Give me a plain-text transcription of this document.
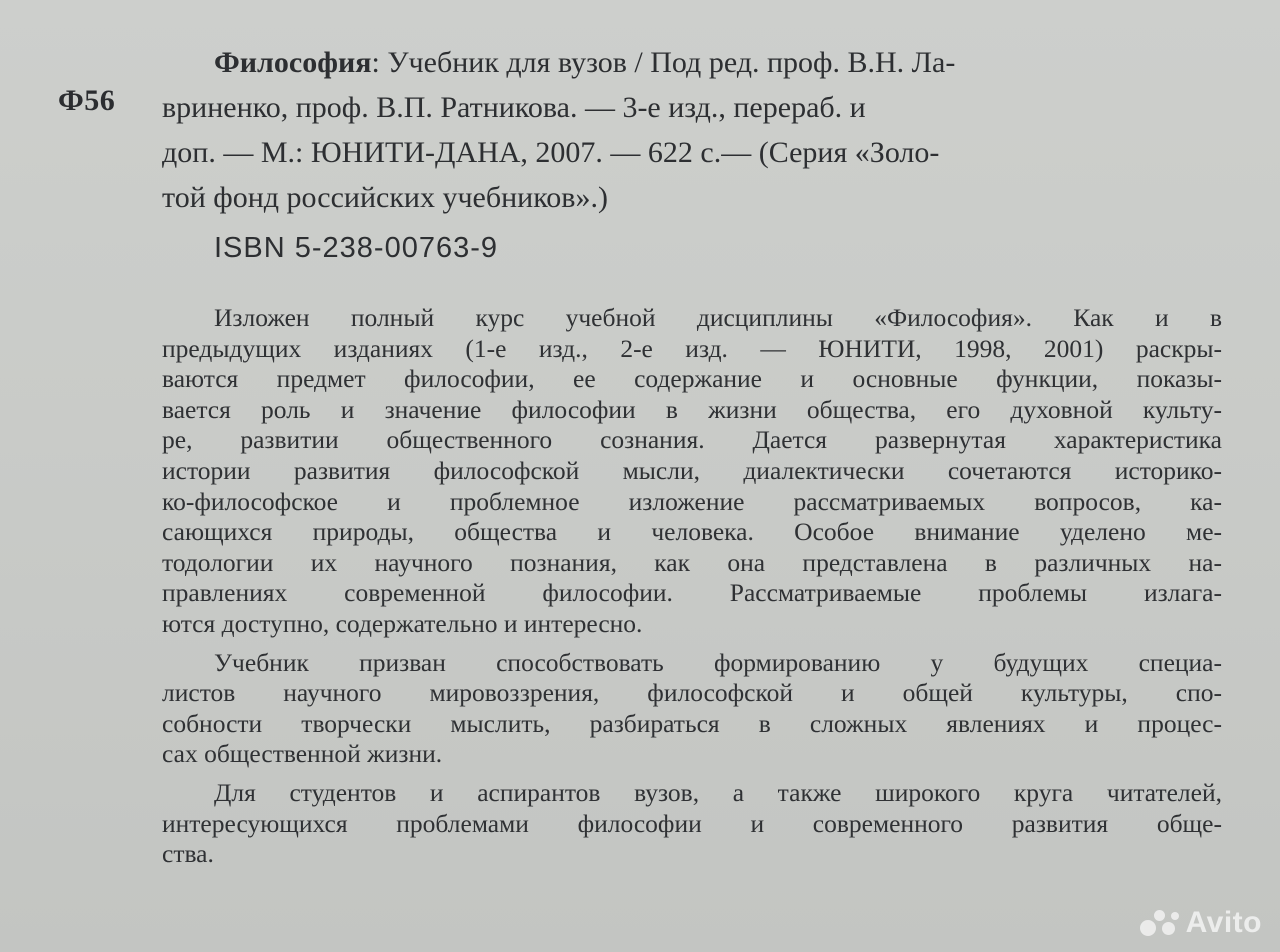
Ф56
Философия: Учебник для вузов / Под ред. проф. В.Н. Ла-
вриненко, проф. В.П. Ратникова. — 3-е изд., перераб. и
доп. — М.: ЮНИТИ-ДАНА, 2007. — 622 с.— (Серия «Золо-
той фонд российских учебников».)
ISBN 5-238-00763-9
Изложен полный курс учебной дисциплины «Философия». Как и в
предыдущих изданиях (1-е изд., 2-е изд. — ЮНИТИ, 1998, 2001) раскры-
ваются предмет философии, ее содержание и основные функции, показы-
вается роль и значение философии в жизни общества, его духовной культу-
ре, развитии общественного сознания. Дается развернутая характеристика
истории развития философской мысли, диалектически сочетаются историко-
ко-философское и проблемное изложение рассматриваемых вопросов, ка-
сающихся природы, общества и человека. Особое внимание уделено ме-
тодологии их научного познания, как она представлена в различных на-
правлениях современной философии. Рассматриваемые проблемы излага-
ются доступно, содержательно и интересно.
Учебник призван способствовать формированию у будущих специа-
листов научного мировоззрения, философской и общей культуры, спо-
собности творчески мыслить, разбираться в сложных явлениях и процес-
сах общественной жизни.
Для студентов и аспирантов вузов, а также широкого круга читателей,
интересующихся проблемами философии и современного развития обще-
ства.
Avito
